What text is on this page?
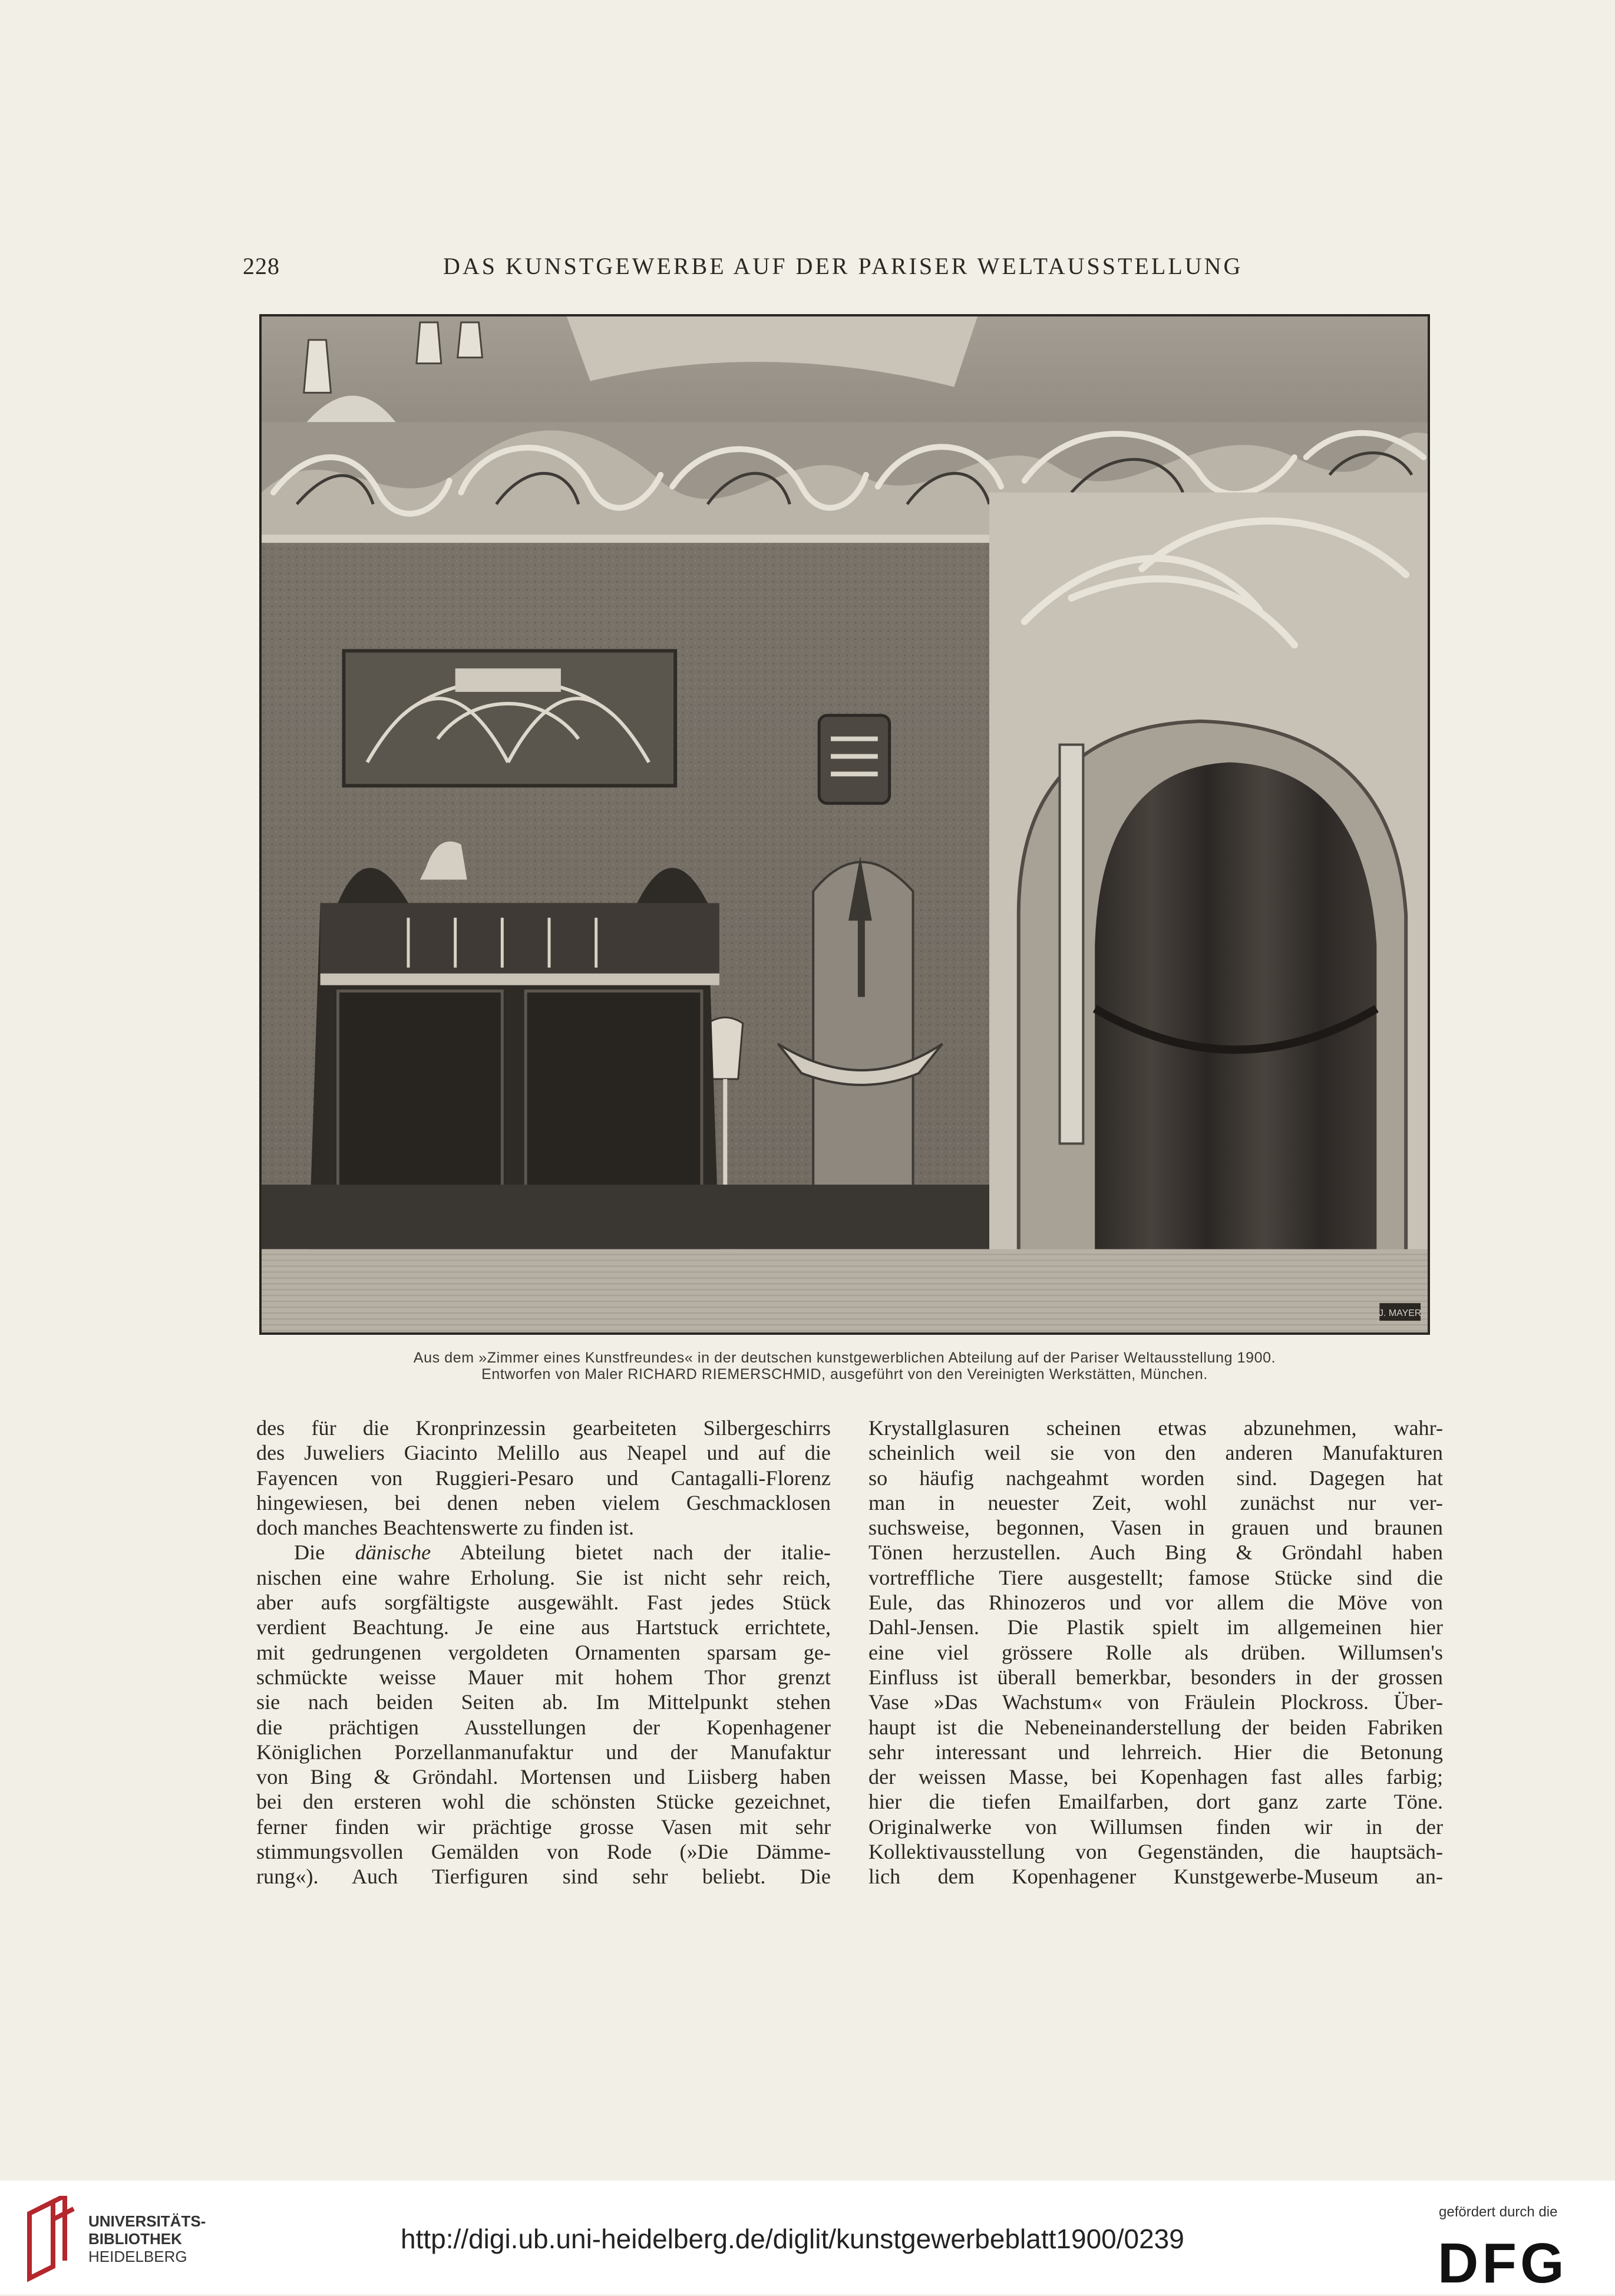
228	DAS KUNSTGEWERBE AUF DER PARISER WELTAUSSTELLUNG
J. MAYER
Aus dem »Zimmer eines Kunstfreundes« in der deutschen kunstgewerblichen Abteilung auf der Pariser Weltausstellung 1900.
Entworfen von Maler RICHARD RIEMERSCHMID, ausgeführt von den Vereinigten Werkstätten, München.
des für die Kronprinzessin gearbeiteten Silbergeschirrs
des Juweliers Giacinto Melillo aus Neapel und auf die
Fayencen von Ruggieri-Pesaro und Cantagalli-Florenz
hingewiesen, bei denen neben vielem Geschmacklosen
doch manches Beachtenswerte zu finden ist.
Die dänische Abteilung bietet nach der italie-
nischen eine wahre Erholung. Sie ist nicht sehr reich,
aber aufs sorgfältigste ausgewählt. Fast jedes Stück
verdient Beachtung. Je eine aus Hartstuck errichtete,
mit gedrungenen vergoldeten Ornamenten sparsam ge-
schmückte weisse Mauer mit hohem Thor grenzt
sie nach beiden Seiten ab. Im Mittelpunkt stehen
die prächtigen Ausstellungen der Kopenhagener
Königlichen Porzellanmanufaktur und der Manufaktur
von Bing & Gröndahl. Mortensen und Liisberg haben
bei den ersteren wohl die schönsten Stücke gezeichnet,
ferner finden wir prächtige grosse Vasen mit sehr
stimmungsvollen Gemälden von Rode (»Die Dämme-
rung«). Auch Tierfiguren sind sehr beliebt. Die
Krystallglasuren scheinen etwas abzunehmen, wahr-
scheinlich weil sie von den anderen Manufakturen
so häufig nachgeahmt worden sind. Dagegen hat
man in neuester Zeit, wohl zunächst nur ver-
suchsweise, begonnen, Vasen in grauen und braunen
Tönen herzustellen. Auch Bing & Gröndahl haben
vortreffliche Tiere ausgestellt; famose Stücke sind die
Eule, das Rhinozeros und vor allem die Möve von
Dahl-Jensen. Die Plastik spielt im allgemeinen hier
eine viel grössere Rolle als drüben. Willumsen's
Einfluss ist überall bemerkbar, besonders in der grossen
Vase »Das Wachstum« von Fräulein Plockross. Über-
haupt ist die Nebeneinanderstellung der beiden Fabriken
sehr interessant und lehrreich. Hier die Betonung
der weissen Masse, bei Kopenhagen fast alles farbig;
hier die tiefen Emailfarben, dort ganz zarte Töne.
Originalwerke von Willumsen finden wir in der
Kollektivausstellung von Gegenständen, die hauptsäch-
lich dem Kopenhagener Kunstgewerbe-Museum an-
UNIVERSITÄTS-
BIBLIOTHEK
HEIDELBERG
http://digi.ub.uni-heidelberg.de/diglit/kunstgewerbeblatt1900/0239
gefördert durch die
DFG
